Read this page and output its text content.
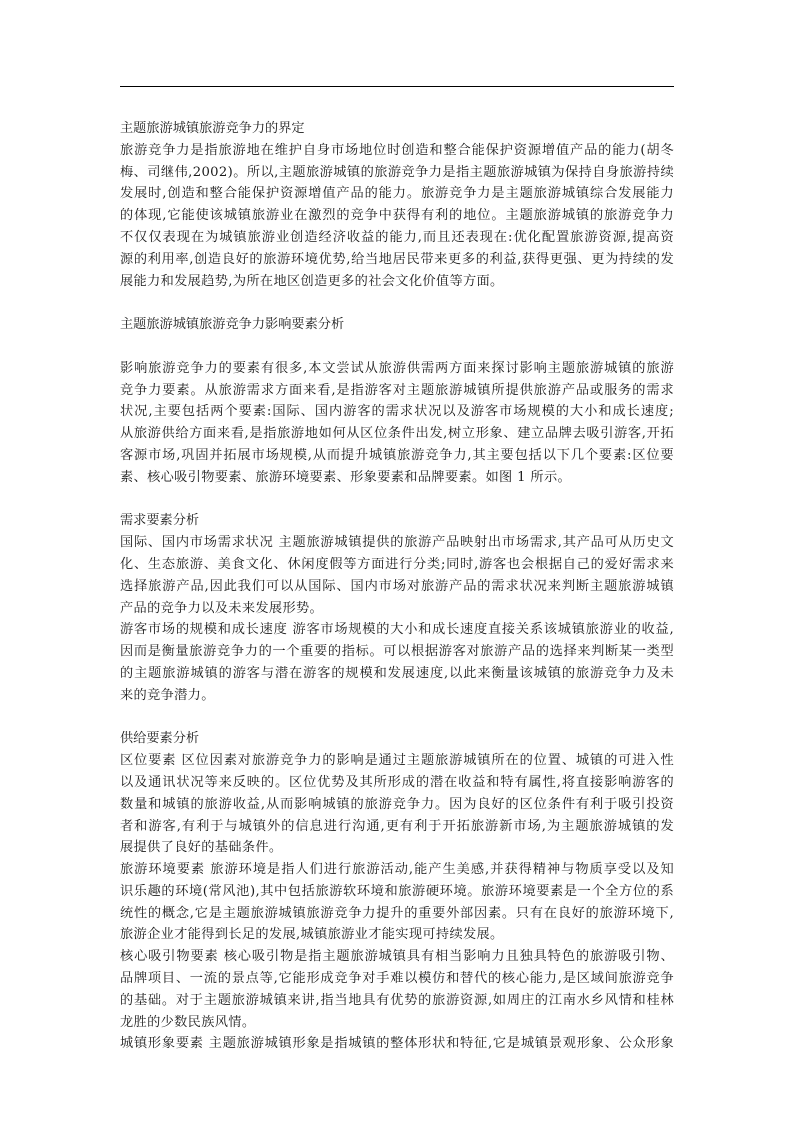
主题旅游城镇旅游竞争力的界定
旅游竞争力是指旅游地在维护自身市场地位时创造和整合能保护资源增值产品的能力(胡冬
梅、司继伟,2002)。所以,主题旅游城镇的旅游竞争力是指主题旅游城镇为保持自身旅游持续
发展时,创造和整合能保护资源增值产品的能力。旅游竞争力是主题旅游城镇综合发展能力
的体现,它能使该城镇旅游业在激烈的竞争中获得有利的地位。主题旅游城镇的旅游竞争力
不仅仅表现在为城镇旅游业创造经济收益的能力,而且还表现在:优化配置旅游资源,提高资
源的利用率,创造良好的旅游环境优势,给当地居民带来更多的利益,获得更强、更为持续的发
展能力和发展趋势,为所在地区创造更多的社会文化价值等方面。
主题旅游城镇旅游竞争力影响要素分析
影响旅游竞争力的要素有很多,本文尝试从旅游供需两方面来探讨影响主题旅游城镇的旅游
竞争力要素。从旅游需求方面来看,是指游客对主题旅游城镇所提供旅游产品或服务的需求
状况,主要包括两个要素:国际、国内游客的需求状况以及游客市场规模的大小和成长速度;
从旅游供给方面来看,是指旅游地如何从区位条件出发,树立形象、建立品牌去吸引游客,开拓
客源市场,巩固并拓展市场规模,从而提升城镇旅游竞争力,其主要包括以下几个要素:区位要
素、核心吸引物要素、旅游环境要素、形象要素和品牌要素。如图 1 所示。
需求要素分析
国际、国内市场需求状况 主题旅游城镇提供的旅游产品映射出市场需求,其产品可从历史文
化、生态旅游、美食文化、休闲度假等方面进行分类;同时,游客也会根据自己的爱好需求来
选择旅游产品,因此我们可以从国际、国内市场对旅游产品的需求状况来判断主题旅游城镇
产品的竞争力以及未来发展形势。
游客市场的规模和成长速度 游客市场规模的大小和成长速度直接关系该城镇旅游业的收益,
因而是衡量旅游竞争力的一个重要的指标。可以根据游客对旅游产品的选择来判断某一类型
的主题旅游城镇的游客与潜在游客的规模和发展速度,以此来衡量该城镇的旅游竞争力及未
来的竞争潜力。
供给要素分析
区位要素 区位因素对旅游竞争力的影响是通过主题旅游城镇所在的位置、城镇的可进入性
以及通讯状况等来反映的。区位优势及其所形成的潜在收益和特有属性,将直接影响游客的
数量和城镇的旅游收益,从而影响城镇的旅游竞争力。因为良好的区位条件有利于吸引投资
者和游客,有利于与城镇外的信息进行沟通,更有利于开拓旅游新市场,为主题旅游城镇的发
展提供了良好的基础条件。
旅游环境要素 旅游环境是指人们进行旅游活动,能产生美感,并获得精神与物质享受以及知
识乐趣的环境(常风池),其中包括旅游软环境和旅游硬环境。旅游环境要素是一个全方位的系
统性的概念,它是主题旅游城镇旅游竞争力提升的重要外部因素。只有在良好的旅游环境下,
旅游企业才能得到长足的发展,城镇旅游业才能实现可持续发展。
核心吸引物要素 核心吸引物是指主题旅游城镇具有相当影响力且独具特色的旅游吸引物、
品牌项目、一流的景点等,它能形成竞争对手难以模仿和替代的核心能力,是区域间旅游竞争
的基础。对于主题旅游城镇来讲,指当地具有优势的旅游资源,如周庄的江南水乡风情和桂林
龙胜的少数民族风情。
城镇形象要素 主题旅游城镇形象是指城镇的整体形状和特征,它是城镇景观形象、公众形象
